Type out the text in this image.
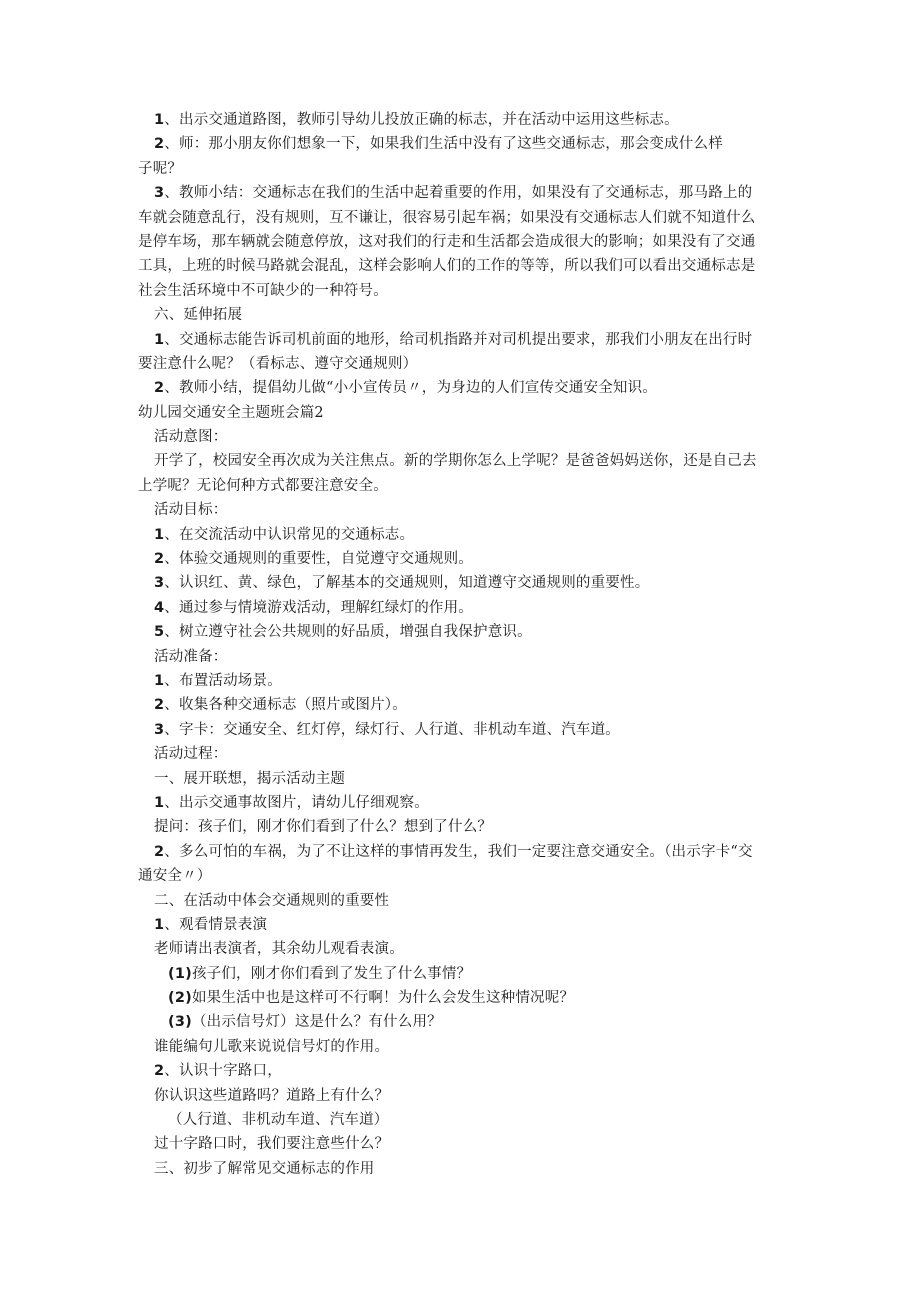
1、出示交通道路图，教师引导幼儿投放正确的标志，并在活动中运用这些标志。
2、师：那小朋友你们想象一下，如果我们生活中没有了这些交通标志，那会变成什么样
子呢？
3、教师小结：交通标志在我们的生活中起着重要的作用，如果没有了交通标志，那马路上的
车就会随意乱行，没有规则，互不谦让，很容易引起车祸；如果没有交通标志人们就不知道什么
是停车场，那车辆就会随意停放，这对我们的行走和生活都会造成很大的影响；如果没有了交通
工具，上班的时候马路就会混乱，这样会影响人们的工作的等等，所以我们可以看出交通标志是
社会生活环境中不可缺少的一种符号。
六、延伸拓展
1、交通标志能告诉司机前面的地形，给司机指路并对司机提出要求，那我们小朋友在出行时
要注意什么呢？（看标志、遵守交通规则）
2、教师小结，提倡幼儿做“小小宣传员〃，为身边的人们宣传交通安全知识。
幼儿园交通安全主题班会篇2
活动意图：
开学了，校园安全再次成为关注焦点。新的学期你怎么上学呢？是爸爸妈妈送你，还是自己去
上学呢？无论何种方式都要注意安全。
活动目标：
1、在交流活动中认识常见的交通标志。
2、体验交通规则的重要性，自觉遵守交通规则。
3、认识红、黄、绿色，了解基本的交通规则，知道遵守交通规则的重要性。
4、通过参与情境游戏活动，理解红绿灯的作用。
5、树立遵守社会公共规则的好品质，增强自我保护意识。
活动准备：
1、布置活动场景。
2、收集各种交通标志（照片或图片）。
3、字卡：交通安全、红灯停，绿灯行、人行道、非机动车道、汽车道。
活动过程：
一、展开联想，揭示活动主题
1、出示交通事故图片，请幼儿仔细观察。
提问：孩子们，刚才你们看到了什么？想到了什么？
2、多么可怕的车祸，为了不让这样的事情再发生，我们一定要注意交通安全。（出示字卡“交
通安全〃）
二、在活动中体会交通规则的重要性
1、观看情景表演
老师请出表演者，其余幼儿观看表演。
(1)孩子们，刚才你们看到了发生了什么事情？
(2)如果生活中也是这样可不行啊！为什么会发生这种情况呢？
(3)（出示信号灯）这是什么？有什么用？
谁能编句儿歌来说说信号灯的作用。
2、认识十字路口，
你认识这些道路吗？道路上有什么？
（人行道、非机动车道、汽车道）
过十字路口时，我们要注意些什么？
三、初步了解常见交通标志的作用
